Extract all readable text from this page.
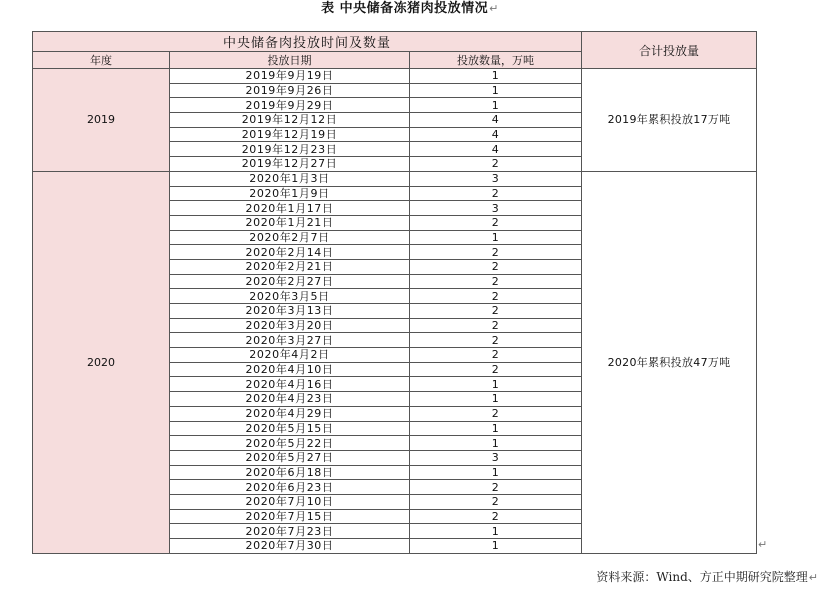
表 中央储备冻猪肉投放情况↵
中央储备肉投放时间及数量			合计投放量
年度	投放日期	投放数量，万吨	
2019	2019年9月19日	1	2019年累积投放17万吨
	2019年9月26日	1	
	2019年9月29日	1	
	2019年12月12日	4	
	2019年12月19日	4	
	2019年12月23日	4	
	2019年12月27日	2	
2020	2020年1月3日	3	2020年累积投放47万吨
	2020年1月9日	2	
	2020年1月17日	3	
	2020年1月21日	2	
	2020年2月7日	1	
	2020年2月14日	2	
	2020年2月21日	2	
	2020年2月27日	2	
	2020年3月5日	2	
	2020年3月13日	2	
	2020年3月20日	2	
	2020年3月27日	2	
	2020年4月2日	2	
	2020年4月10日	2	
	2020年4月16日	1	
	2020年4月23日	1	
	2020年4月29日	2	
	2020年5月15日	1	
	2020年5月22日	1	
	2020年5月27日	3	
	2020年6月18日	1	
	2020年6月23日	2	
	2020年7月10日	2	
	2020年7月15日	2	
	2020年7月23日	1	
	2020年7月30日	1		↵
资料来源：Wind、方正中期研究院整理↵
